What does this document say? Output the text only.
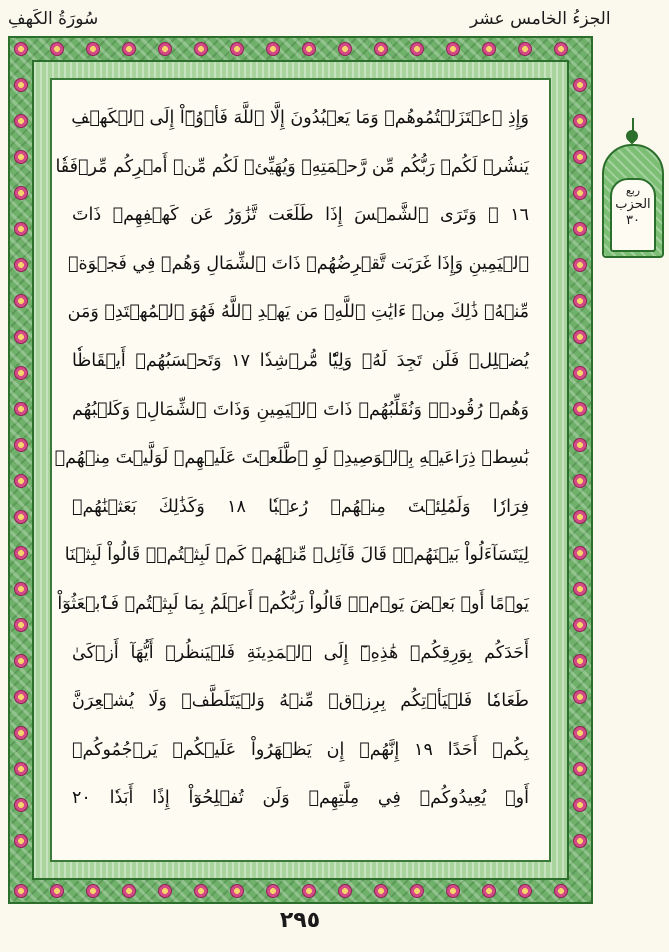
الجزءُ الخامس عشر
سُورَةُ الكَهفِ
وَإِذِ ٱعۡتَزَلۡتُمُوهُمۡ وَمَا يَعۡبُدُونَ إِلَّا ٱللَّهَ فَأۡوُۥٓاْ إِلَى ٱلۡكَهۡفِ
يَنشُرۡ لَكُمۡ رَبُّكُم مِّن رَّحۡمَتِهِۦ وَيُهَيِّئۡ لَكُم مِّنۡ أَمۡرِكُم مِّرۡفَقٗا
١٦ ۞ وَتَرَى ٱلشَّمۡسَ إِذَا طَلَعَت تَّزَٰوَرُ عَن كَهۡفِهِمۡ ذَاتَ
ٱلۡيَمِينِ وَإِذَا غَرَبَت تَّقۡرِضُهُمۡ ذَاتَ ٱلشِّمَالِ وَهُمۡ فِي فَجۡوَةٖ
مِّنۡهُۚ ذَٰلِكَ مِنۡ ءَايَٰتِ ٱللَّهِۗ مَن يَهۡدِ ٱللَّهُ فَهُوَ ٱلۡمُهۡتَدِۖ وَمَن
يُضۡلِلۡ فَلَن تَجِدَ لَهُۥ وَلِيّٗا مُّرۡشِدٗا ١٧ وَتَحۡسَبُهُمۡ أَيۡقَاظٗا
وَهُمۡ رُقُودٞۚ وَنُقَلِّبُهُمۡ ذَاتَ ٱلۡيَمِينِ وَذَاتَ ٱلشِّمَالِۖ وَكَلۡبُهُم
بَٰسِطٞ ذِرَاعَيۡهِ بِٱلۡوَصِيدِۚ لَوِ ٱطَّلَعۡتَ عَلَيۡهِمۡ لَوَلَّيۡتَ مِنۡهُمۡ
فِرَارٗا وَلَمُلِئۡتَ مِنۡهُمۡ رُعۡبٗا ١٨ وَكَذَٰلِكَ بَعَثۡنَٰهُمۡ
لِيَتَسَآءَلُواْ بَيۡنَهُمۡۚ قَالَ قَآئِلٞ مِّنۡهُمۡ كَمۡ لَبِثۡتُمۡۖ قَالُواْ لَبِثۡنَا
يَوۡمًا أَوۡ بَعۡضَ يَوۡمٖۚ قَالُواْ رَبُّكُمۡ أَعۡلَمُ بِمَا لَبِثۡتُمۡ فَٱبۡعَثُوٓاْ
أَحَدَكُم بِوَرِقِكُمۡ هَٰذِهِۦٓ إِلَى ٱلۡمَدِينَةِ فَلۡيَنظُرۡ أَيُّهَآ أَزۡكَىٰ
طَعَامٗا فَلۡيَأۡتِكُم بِرِزۡقٖ مِّنۡهُ وَلۡيَتَلَطَّفۡ وَلَا يُشۡعِرَنَّ
بِكُمۡ أَحَدًا ١٩ إِنَّهُمۡ إِن يَظۡهَرُواْ عَلَيۡكُمۡ يَرۡجُمُوكُمۡ
أَوۡ يُعِيدُوكُمۡ فِي مِلَّتِهِمۡ وَلَن تُفۡلِحُوٓاْ إِذًا أَبَدٗا ٢٠
ربع
الحزب
٣٠
٢٩٥
